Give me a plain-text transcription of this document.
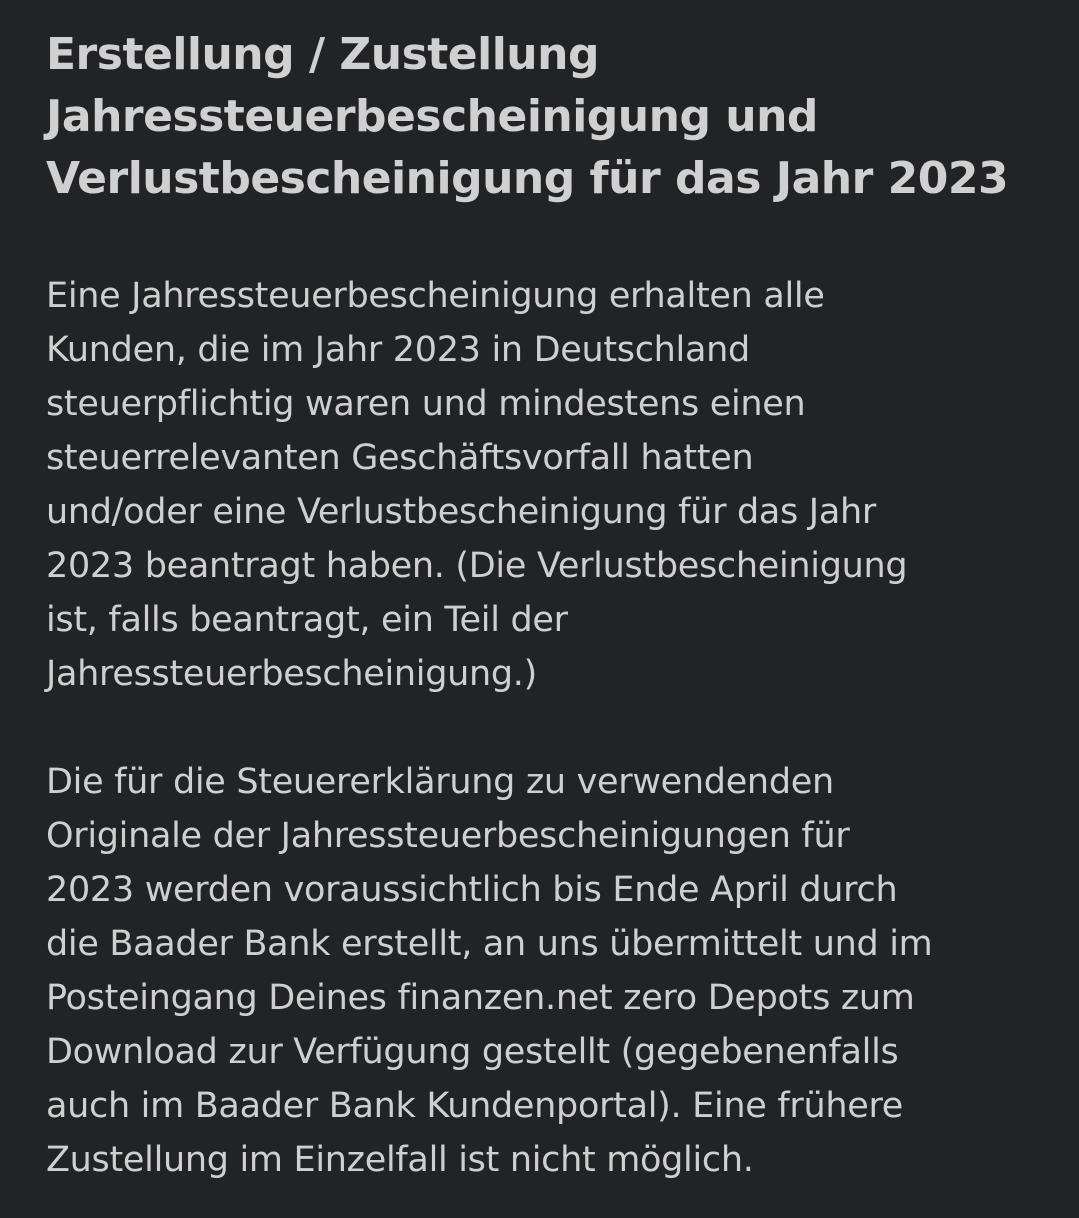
Erstellung / Zustellung
Jahressteuerbescheinigung und
Verlustbescheinigung für das Jahr 2023

Eine Jahressteuerbescheinigung erhalten alle
Kunden, die im Jahr 2023 in Deutschland
steuerpflichtig waren und mindestens einen
steuerrelevanten Geschäftsvorfall hatten
und/oder eine Verlustbescheinigung für das Jahr
2023 beantragt haben. (Die Verlustbescheinigung
ist, falls beantragt, ein Teil der
Jahressteuerbescheinigung.)

Die für die Steuererklärung zu verwendenden
Originale der Jahressteuerbescheinigungen für
2023 werden voraussichtlich bis Ende April durch
die Baader Bank erstellt, an uns übermittelt und im
Posteingang Deines finanzen.net zero Depots zum
Download zur Verfügung gestellt (gegebenenfalls
auch im Baader Bank Kundenportal). Eine frühere
Zustellung im Einzelfall ist nicht möglich.
